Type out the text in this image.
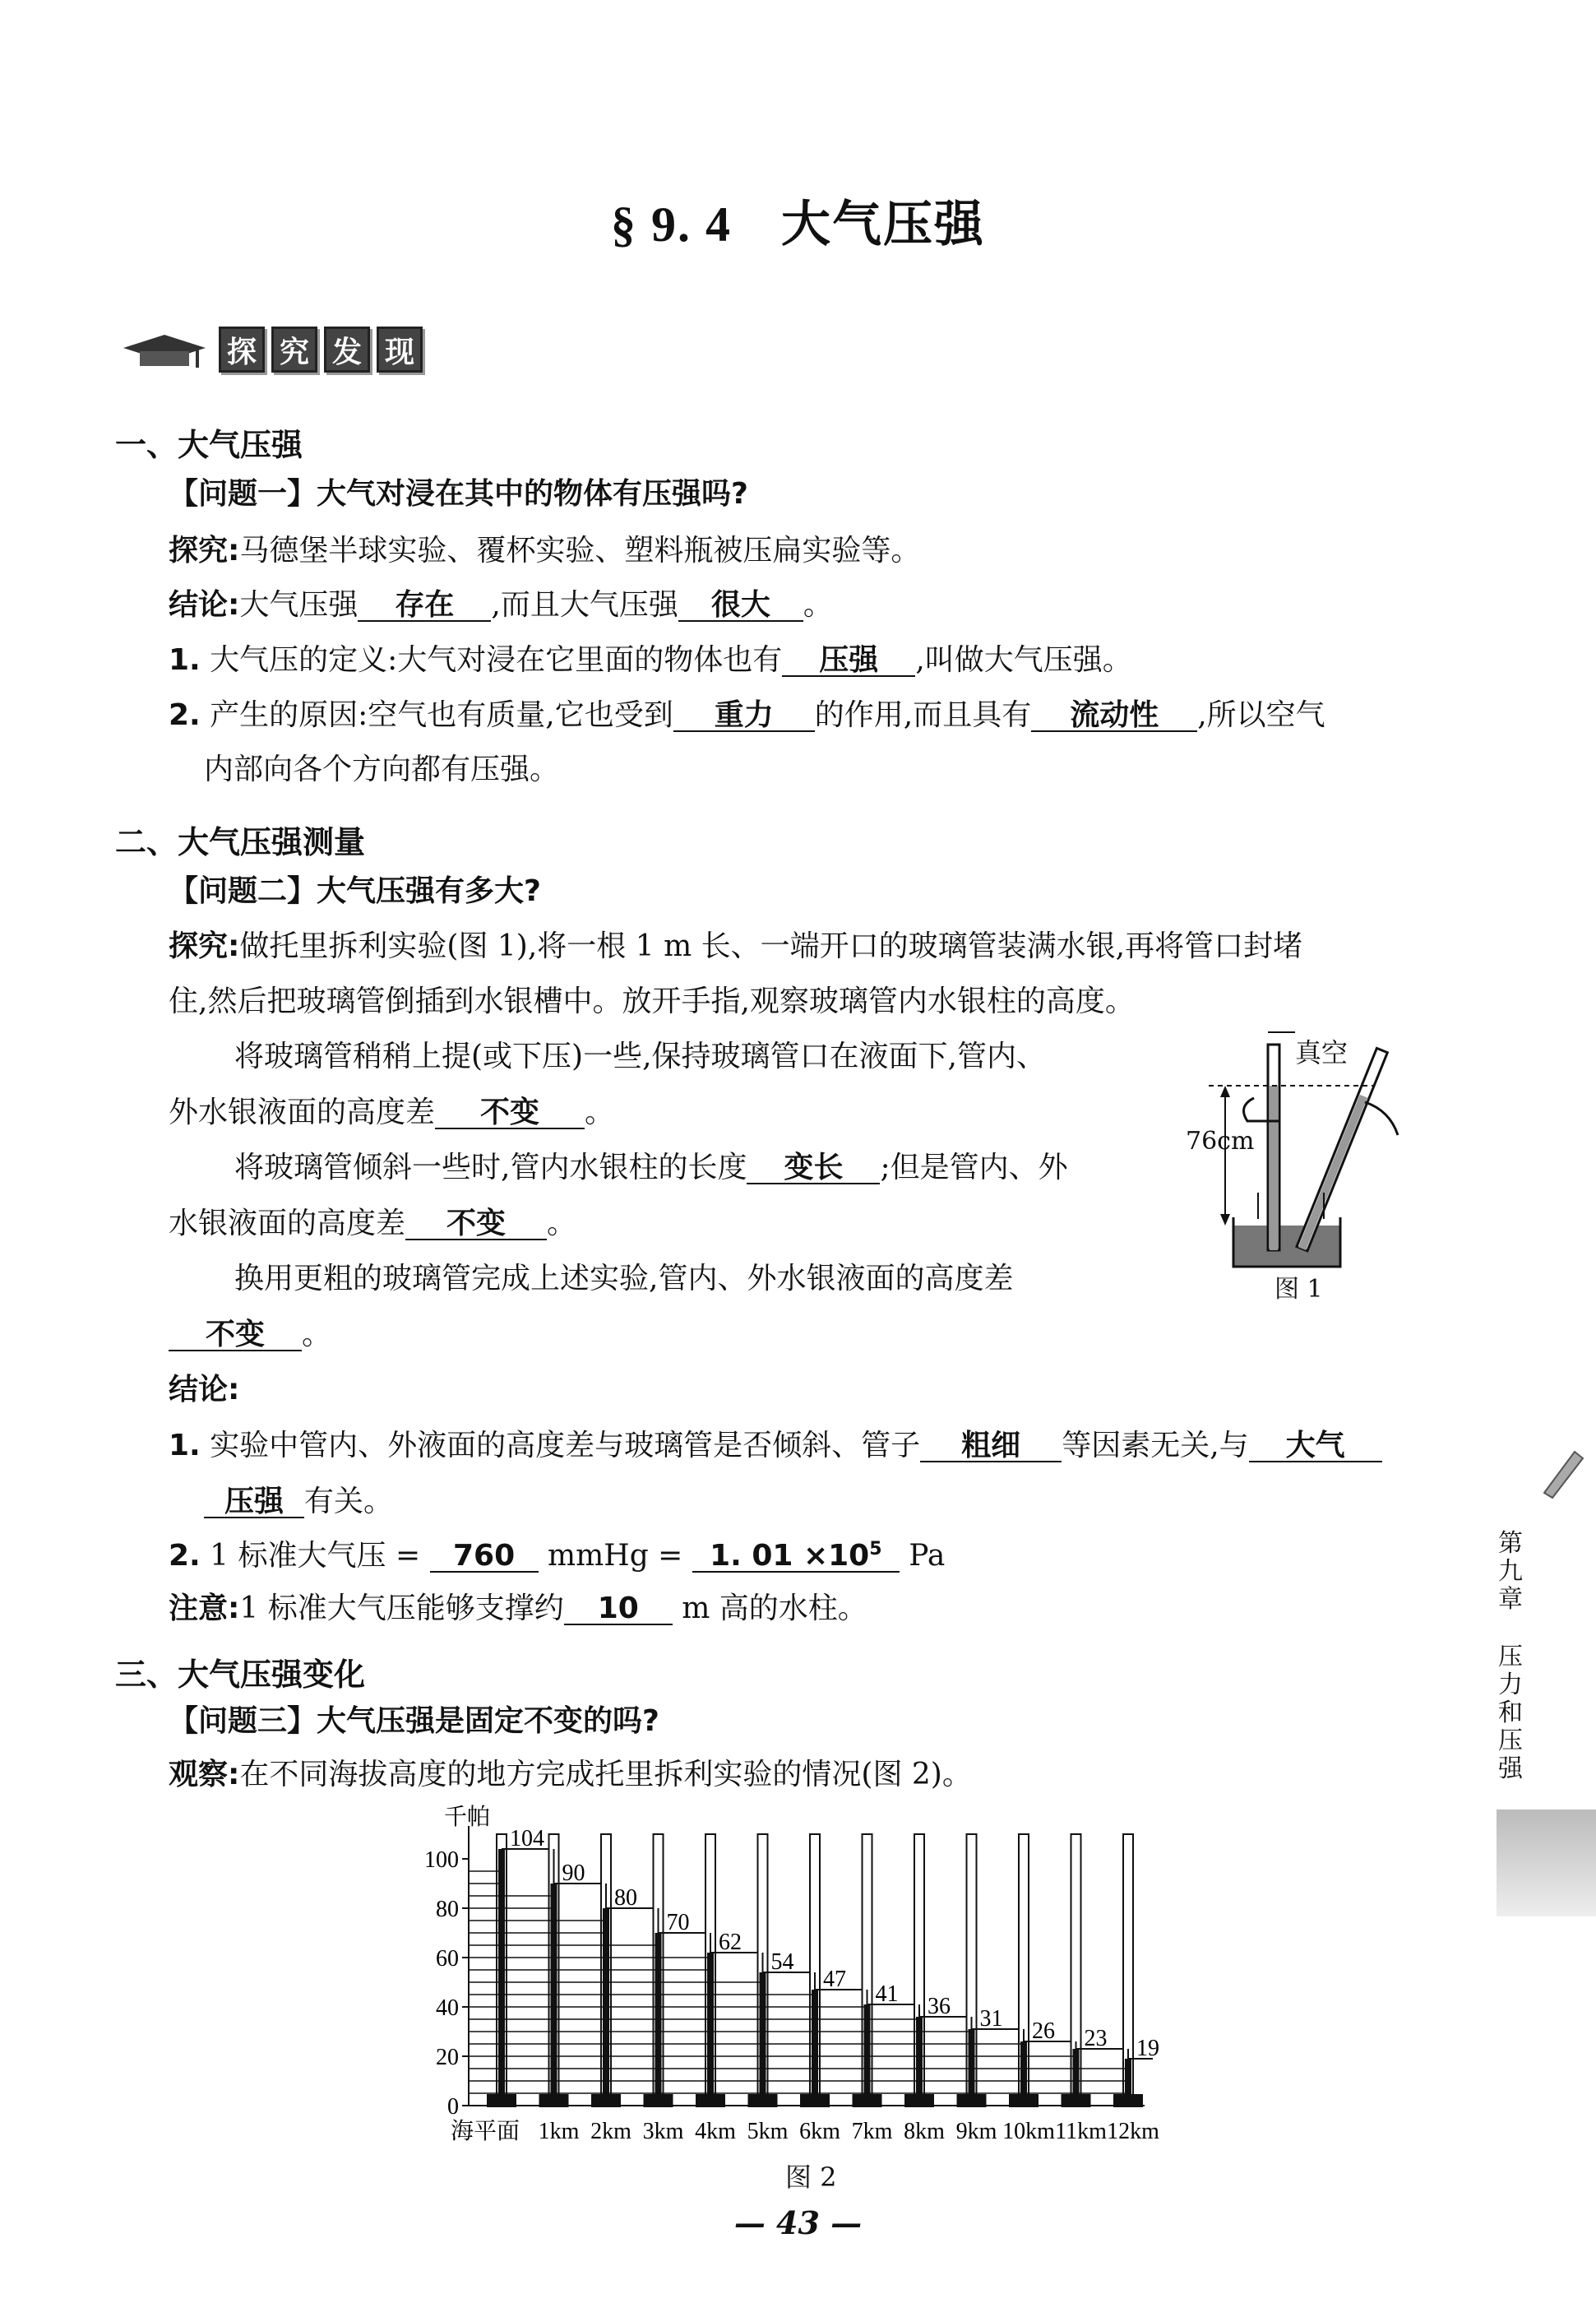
§ 9. 4 大气压强
探 究 发 现
一、大气压强
【问题一】大气对浸在其中的物体有压强吗?
探究:马德堡半球实验、覆杯实验、塑料瓶被压扁实验等。
结论:大气压强 存在 ,而且大气压强 很大 。
1. 大气压的定义:大气对浸在它里面的物体也有 压强 ,叫做大气压强。
2. 产生的原因:空气也有质量,它也受到 重力 的作用,而且具有 流动性 ,所以空气
内部向各个方向都有压强。
二、大气压强测量
【问题二】大气压强有多大?
探究:做托里拆利实验(图 1),将一根 1 m 长、一端开口的玻璃管装满水银,再将管口封堵
住,然后把玻璃管倒插到水银槽中。放开手指,观察玻璃管内水银柱的高度。
将玻璃管稍稍上提(或下压)一些,保持玻璃管口在液面下,管内、
外水银液面的高度差 不变 。
将玻璃管倾斜一些时,管内水银柱的长度 变长 ;但是管内、外
水银液面的高度差 不变 。
换用更粗的玻璃管完成上述实验,管内、外水银液面的高度差
不变 。
真空
76cm
图 1
结论:
1. 实验中管内、外液面的高度差与玻璃管是否倾斜、管子 粗细 等因素无关,与 大气
压强 有关。
2. 1 标准大气压 = 760 mmHg = 1. $01 \times 10^5$ Pa
注意:1 标准大气压能够支撑约 10 m 高的水柱。
三、大气压强变化
【问题三】大气压强是固定不变的吗?
观察:在不同海拔高度的地方完成托里拆利实验的情况(图 2)。
千帕
0
20
40
60
80
100
104
海平面
90
1km
80
2km
70
3km
62
4km
54
5km
47
6km
41
7km
36
8km
31
9km
26
10km
23
11km
19
12km
图 2
第
九
章
压
力
和
压
强
— 43 —
